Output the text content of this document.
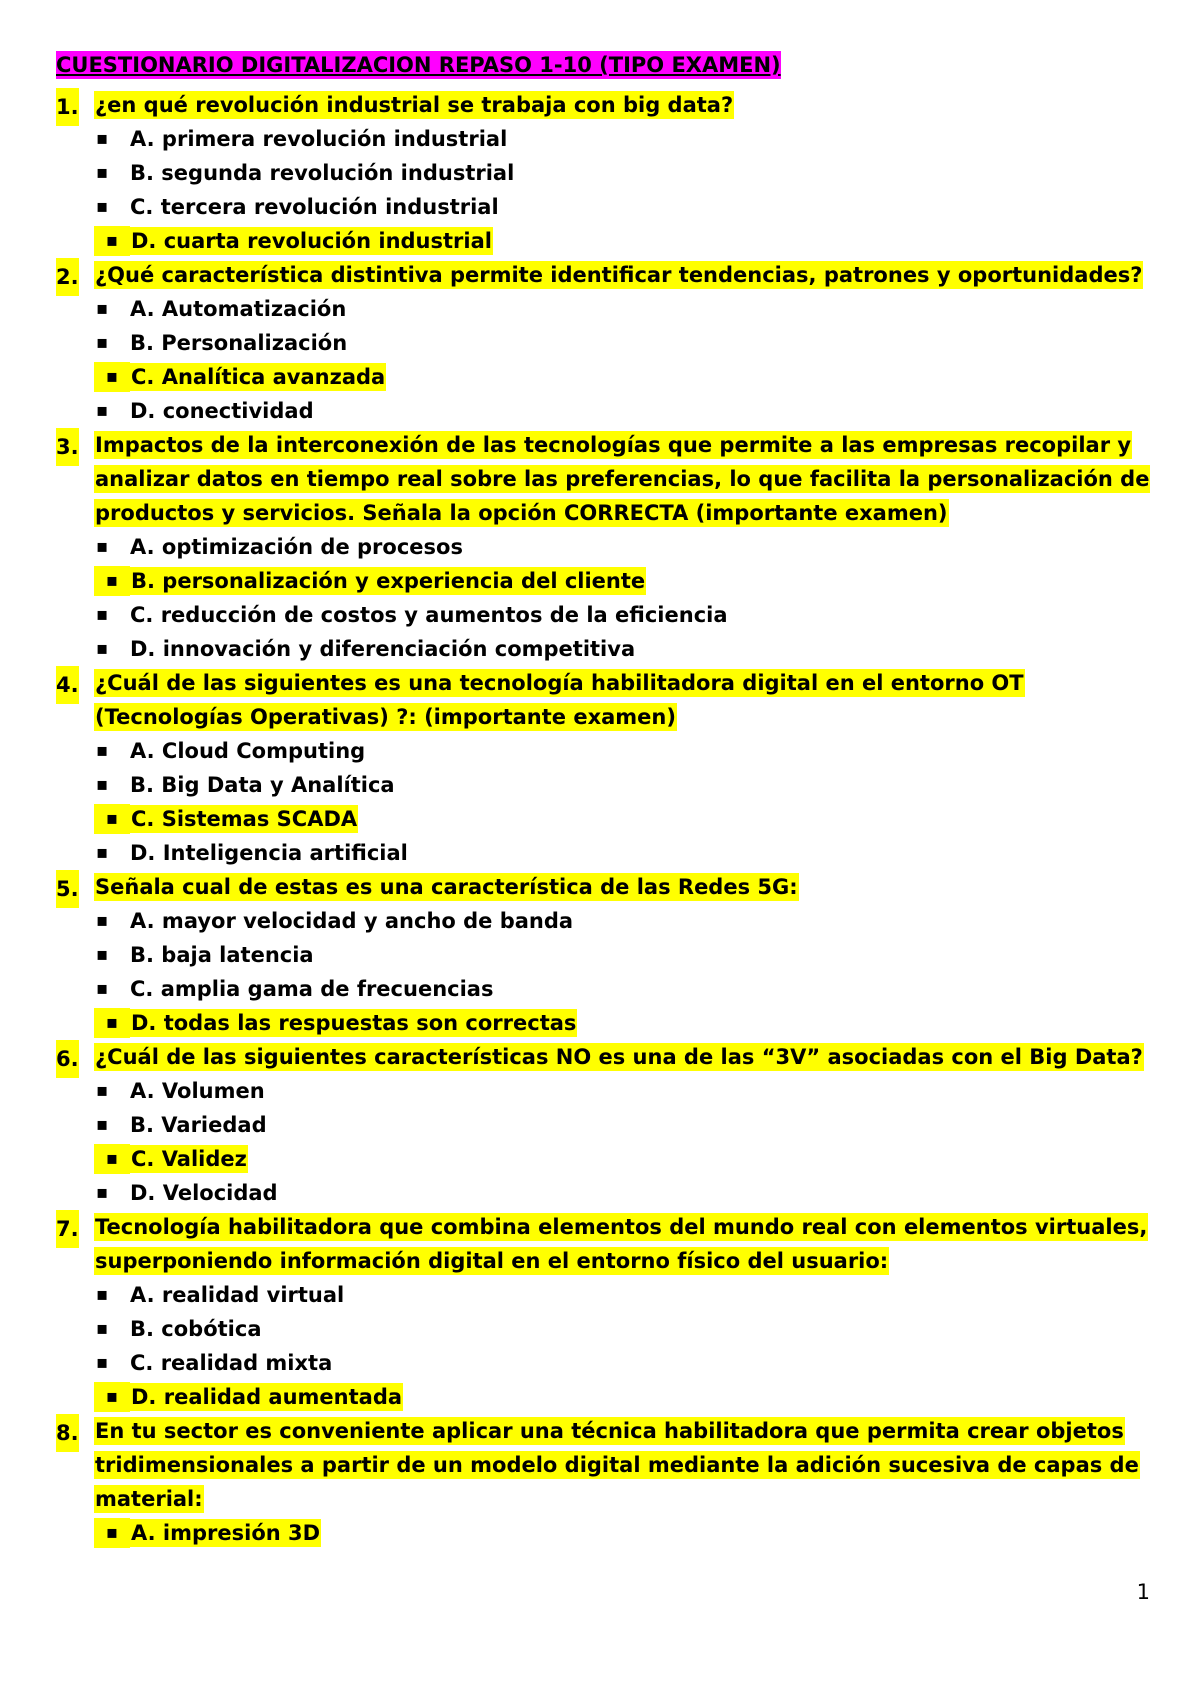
CUESTIONARIO DIGITALIZACION REPASO 1-10 (TIPO EXAMEN)
1. ¿en qué revolución industrial se trabaja con big data?
▪	A. primera revolución industrial
▪	B. segunda revolución industrial
▪	C. tercera revolución industrial
▪ D. cuarta revolución industrial
2. ¿Qué característica distintiva permite identificar tendencias, patrones y oportunidades?
▪	A. Automatización
▪	B. Personalización
▪ C. Analítica avanzada
▪	D. conectividad
3. Impactos de la interconexión de las tecnologías que permite a las empresas recopilar y analizar datos en tiempo real sobre las preferencias, lo que facilita la personalización de productos y servicios. Señala la opción CORRECTA (importante examen)
▪	A. optimización de procesos
▪ B. personalización y experiencia del cliente
▪	C. reducción de costos y aumentos de la eficiencia
▪	D. innovación y diferenciación competitiva
4. ¿Cuál de las siguientes es una tecnología habilitadora digital en el entorno OT (Tecnologías Operativas) ?: (importante examen)
▪	A. Cloud Computing
▪	B. Big Data y Analítica
▪ C. Sistemas SCADA
▪	D. Inteligencia artificial
5. Señala cual de estas es una característica de las Redes 5G:
▪	A. mayor velocidad y ancho de banda
▪	B. baja latencia
▪	C. amplia gama de frecuencias
▪ D. todas las respuestas son correctas
6. ¿Cuál de las siguientes características NO es una de las “3V” asociadas con el Big Data?
▪	A. Volumen
▪	B. Variedad
▪ C. Validez
▪	D. Velocidad
7. Tecnología habilitadora que combina elementos del mundo real con elementos virtuales, superponiendo información digital en el entorno físico del usuario:
▪	A. realidad virtual
▪	B. cobótica
▪	C. realidad mixta
▪ D. realidad aumentada
8. En tu sector es conveniente aplicar una técnica habilitadora que permita crear objetos tridimensionales a partir de un modelo digital mediante la adición sucesiva de capas de material:
▪ A. impresión 3D
1
